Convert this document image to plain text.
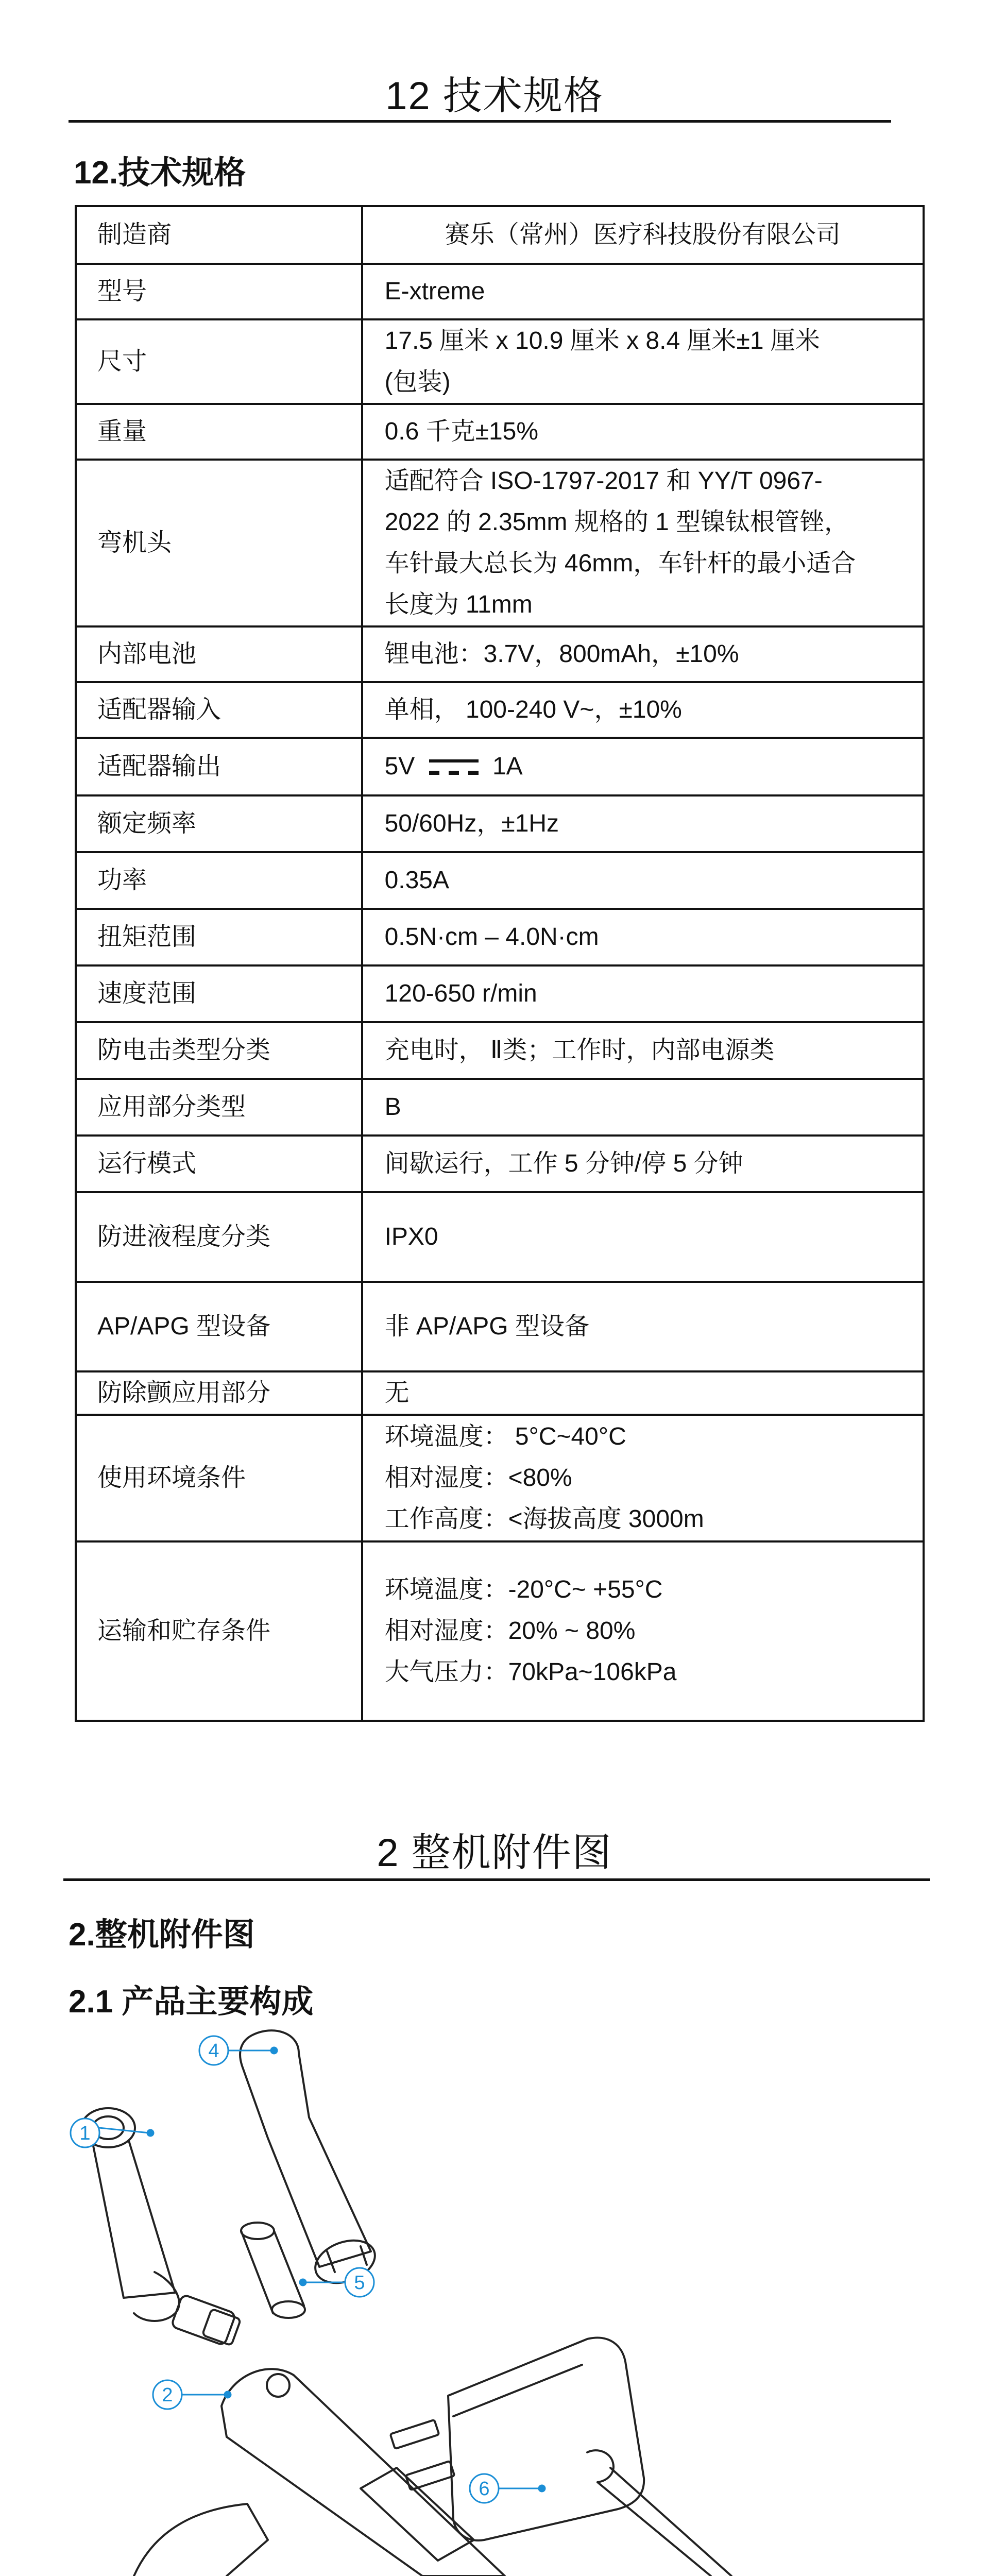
12 技术规格
12.技术规格
制造商	赛乐（常州）医疗科技股份有限公司
型号	E-xtreme
尺寸	17.5 厘米 x 10.9 厘米 x 8.4 厘米±1 厘米
(包装)
重量	0.6 千克±15%
弯机头	适配符合 ISO-1797-2017 和 YY/T 0967-
2022 的 2.35mm 规格的 1 型镍钛根管锉，
车针最大总长为 46mm，车针杆的最小适合
长度为 11mm
内部电池	锂电池：3.7V，800mAh，±10%
适配器输入	单相， 100-240 V~，±10%
适配器输出	5V 1A
额定频率	50/60Hz，±1Hz
功率	0.35A
扭矩范围	0.5N·cm – 4.0N·cm
速度范围	120-650 r/min
防电击类型分类	充电时， Ⅱ类；工作时，内部电源类
应用部分类型	B
运行模式	间歇运行，工作 5 分钟/停 5 分钟
防进液程度分类	IPX0
AP/APG 型设备	非 AP/APG 型设备
防除颤应用部分	无
使用环境条件	环境温度： 5°C~40°C
相对湿度：<80%
工作高度：<海拔高度 3000m
运输和贮存条件	环境温度：-20°C~ +55°C
相对湿度：20% ~ 80%
大气压力：70kPa~106kPa
2 整机附件图
2.整机附件图
2.1 产品主要构成
1
4
5
2
6
